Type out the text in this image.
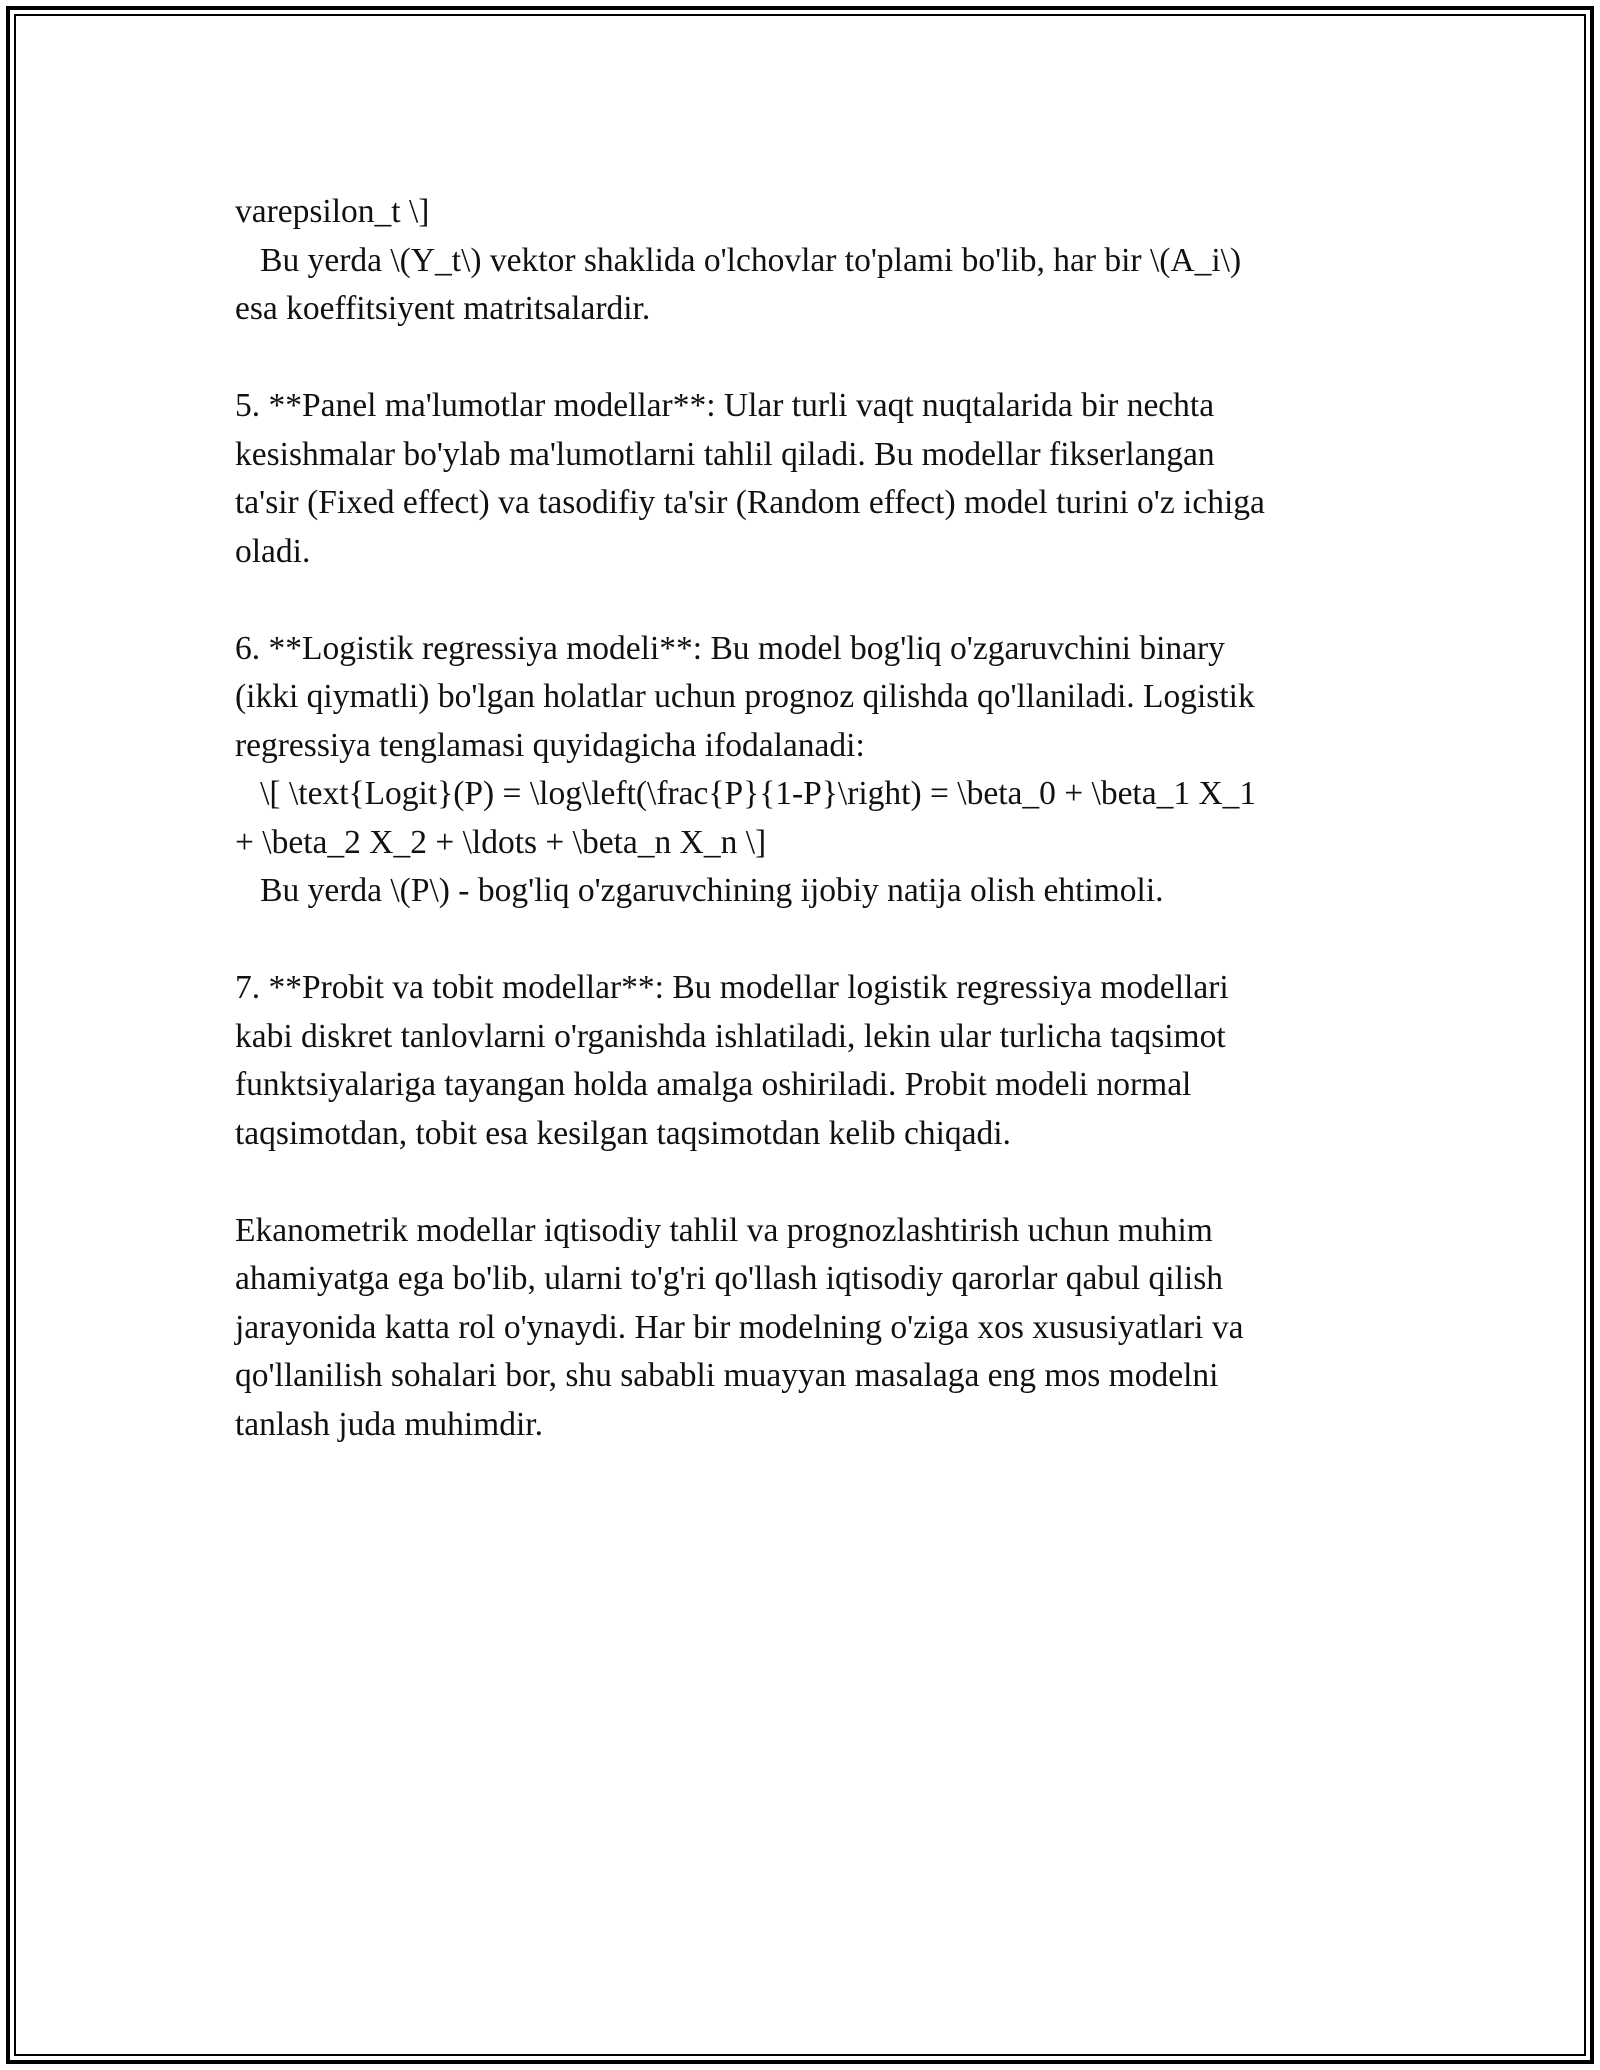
varepsilon_t \]

Bu yerda \(Y_t\) vektor shaklida o'lchovlar to'plami bo'lib, har bir \(A_i\)

esa koeffitsiyent matritsalardir.

5. **Panel ma'lumotlar modellar**: Ular turli vaqt nuqtalarida bir nechta

kesishmalar bo'ylab ma'lumotlarni tahlil qiladi. Bu modellar fikserlangan

ta'sir (Fixed effect) va tasodifiy ta'sir (Random effect) model turini o'z ichiga

oladi.

6. **Logistik regressiya modeli**: Bu model bog'liq o'zgaruvchini binary

(ikki qiymatli) bo'lgan holatlar uchun prognoz qilishda qo'llaniladi. Logistik

regressiya tenglamasi quyidagicha ifodalanadi:

\[ \text{Logit}(P) = \log\left(\frac{P}{1-P}\right) = \beta_0 + \beta_1 X_1

+ \beta_2 X_2 + \ldots + \beta_n X_n \]

Bu yerda \(P\) - bog'liq o'zgaruvchining ijobiy natija olish ehtimoli.

7. **Probit va tobit modellar**: Bu modellar logistik regressiya modellari

kabi diskret tanlovlarni o'rganishda ishlatiladi, lekin ular turlicha taqsimot

funktsiyalariga tayangan holda amalga oshiriladi. Probit modeli normal

taqsimotdan, tobit esa kesilgan taqsimotdan kelib chiqadi.

Ekanometrik modellar iqtisodiy tahlil va prognozlashtirish uchun muhim

ahamiyatga ega bo'lib, ularni to'g'ri qo'llash iqtisodiy qarorlar qabul qilish

jarayonida katta rol o'ynaydi. Har bir modelning o'ziga xos xususiyatlari va

qo'llanilish sohalari bor, shu sababli muayyan masalaga eng mos modelni

tanlash juda muhimdir.
